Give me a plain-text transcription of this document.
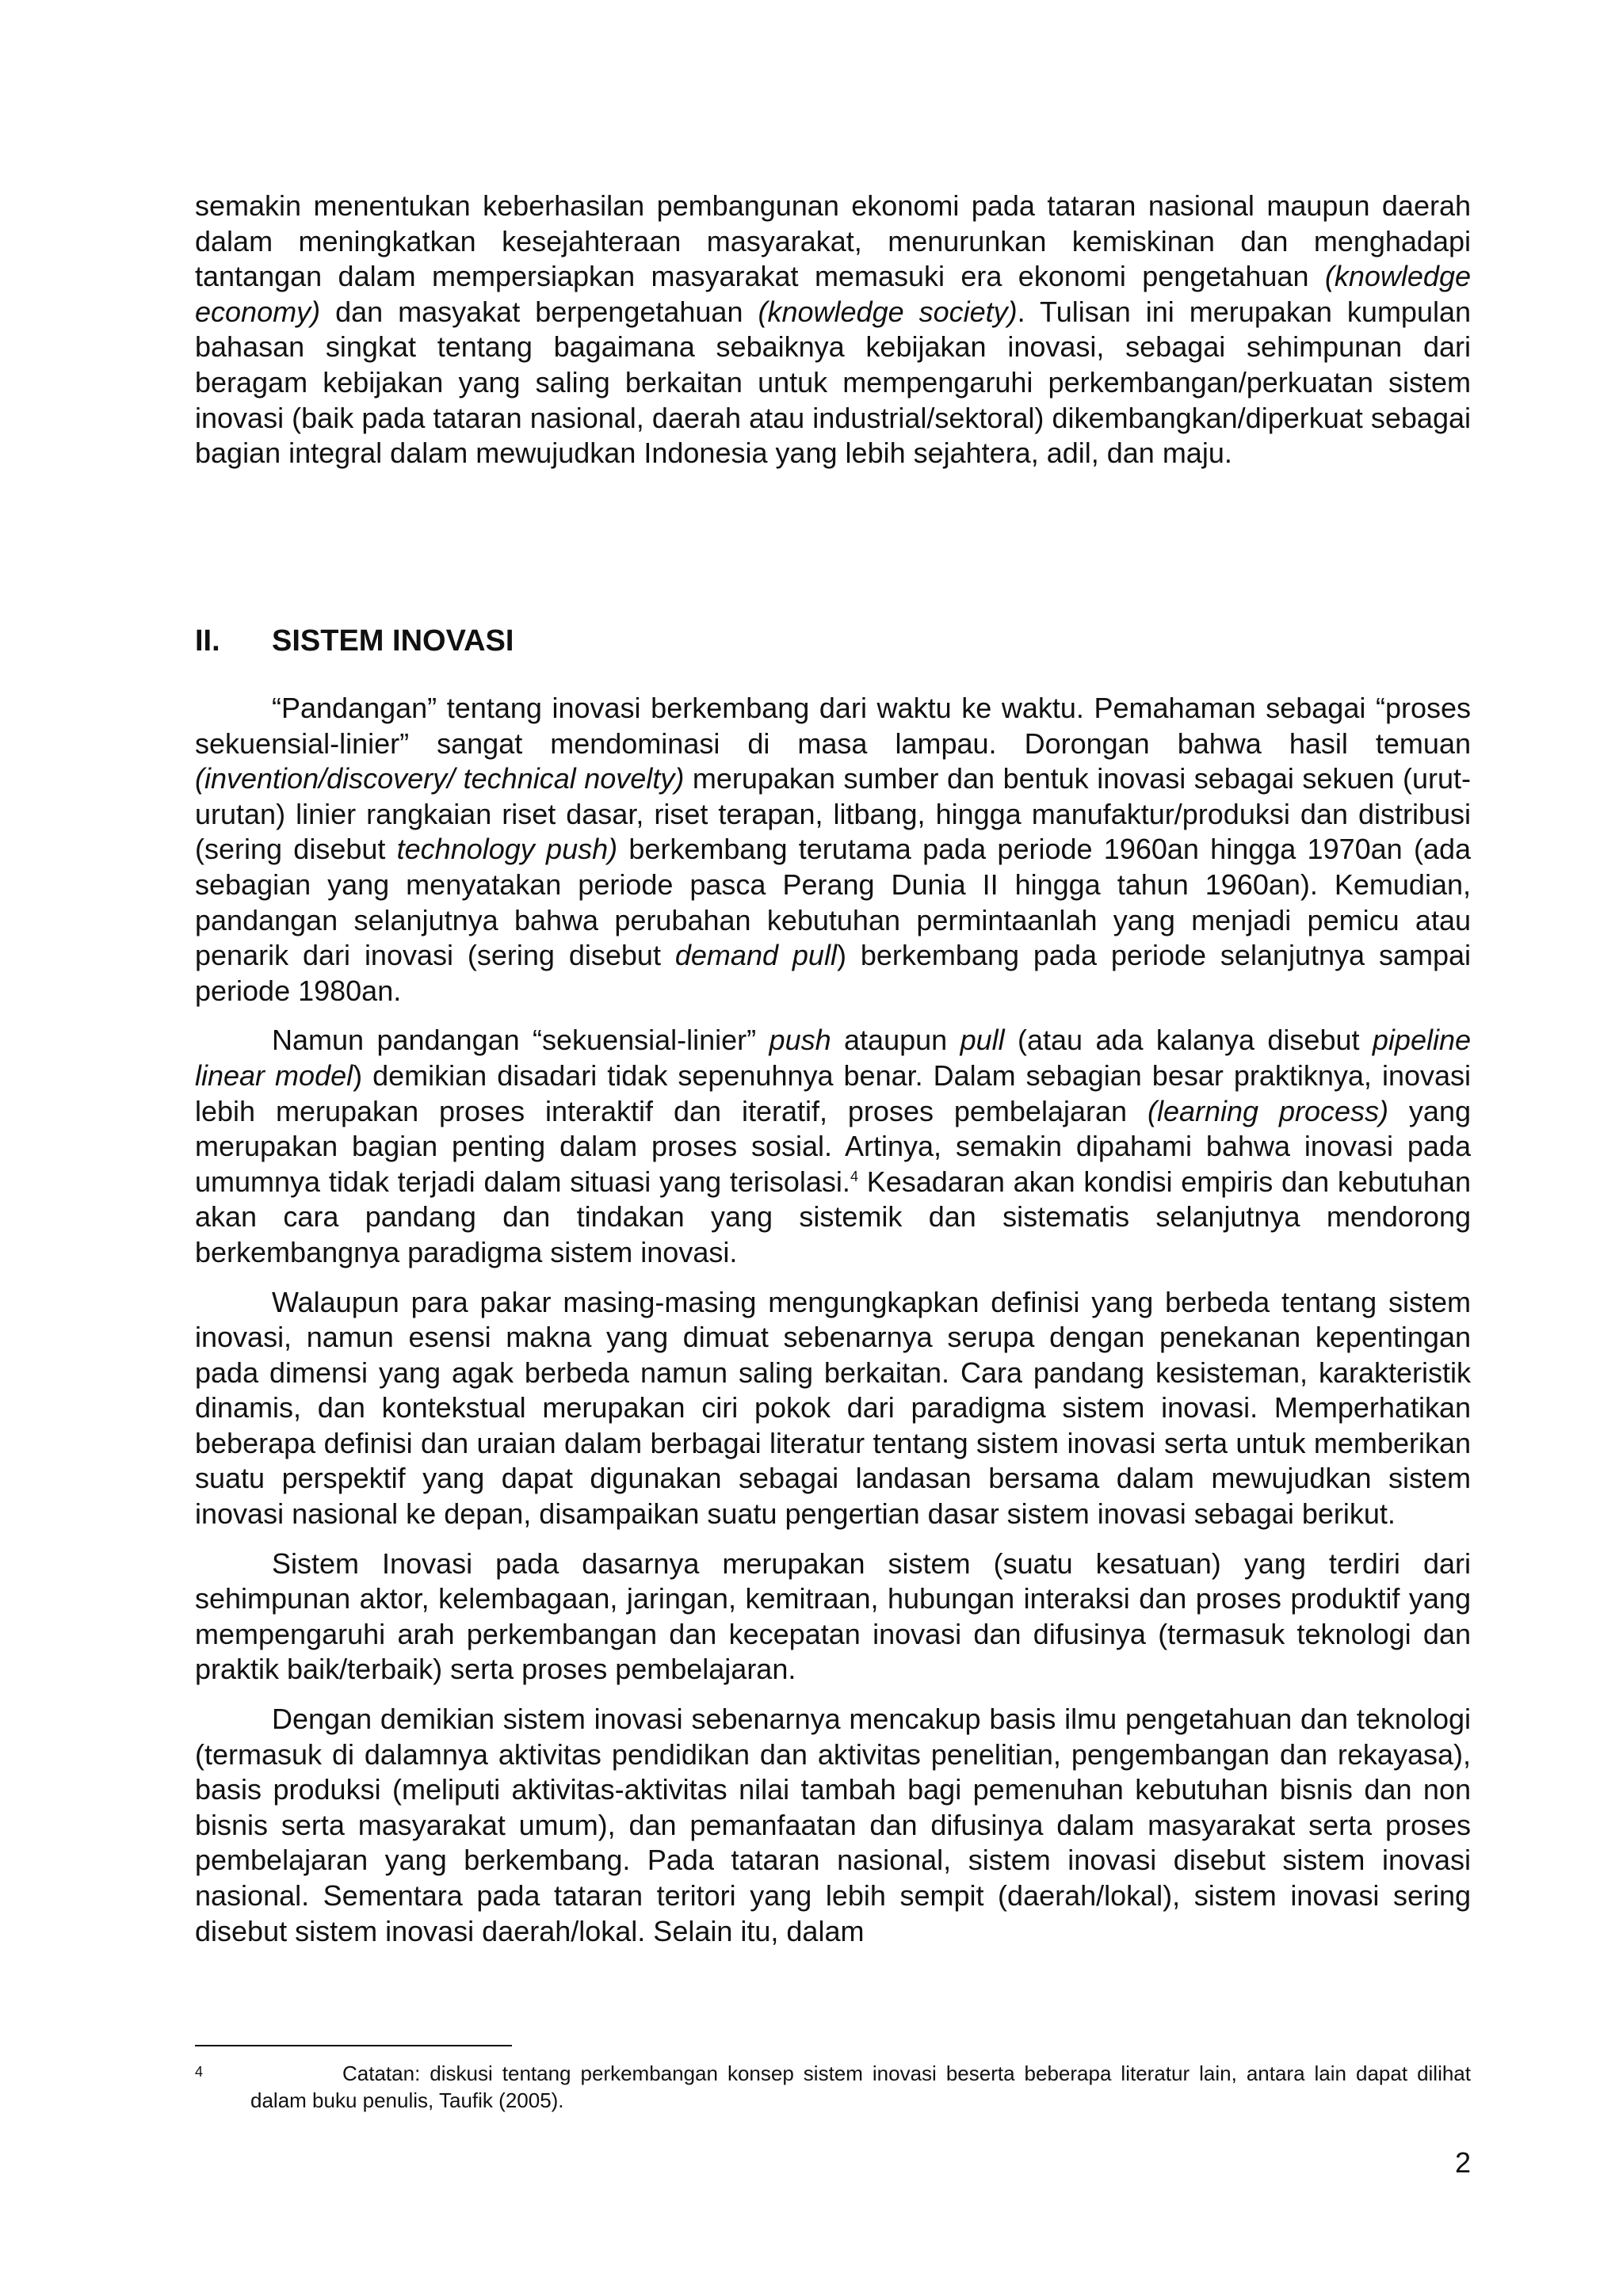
semakin menentukan keberhasilan pembangunan ekonomi pada tataran nasional maupun daerah dalam meningkatkan kesejahteraan masyarakat, menurunkan kemiskinan dan menghadapi tantangan dalam mempersiapkan masyarakat memasuki era ekonomi pengetahuan (knowledge economy) dan masyakat berpengetahuan (knowledge society). Tulisan ini merupakan kumpulan bahasan singkat tentang bagaimana sebaiknya kebijakan inovasi, sebagai sehimpunan dari beragam kebijakan yang saling berkaitan untuk mempengaruhi perkembangan/perkuatan sistem inovasi (baik pada tataran nasional, daerah atau industrial/sektoral) dikembangkan/diperkuat sebagai bagian integral dalam mewujudkan Indonesia yang lebih sejahtera, adil, dan maju.

II. SISTEM INOVASI

“Pandangan” tentang inovasi berkembang dari waktu ke waktu. Pemahaman sebagai “proses sekuensial-linier” sangat mendominasi di masa lampau. Dorongan bahwa hasil temuan (invention/discovery/ technical novelty) merupakan sumber dan bentuk inovasi sebagai sekuen (urut-urutan) linier rangkaian riset dasar, riset terapan, litbang, hingga manufaktur/produksi dan distribusi (sering disebut technology push) berkembang terutama pada periode 1960an hingga 1970an (ada sebagian yang menyatakan periode pasca Perang Dunia II hingga tahun 1960an). Kemudian, pandangan selanjutnya bahwa perubahan kebutuhan permintaanlah yang menjadi pemicu atau penarik dari inovasi (sering disebut demand pull) berkembang pada periode selanjutnya sampai periode 1980an.

Namun pandangan “sekuensial-linier” push ataupun pull (atau ada kalanya disebut pipeline linear model) demikian disadari tidak sepenuhnya benar. Dalam sebagian besar praktiknya, inovasi lebih merupakan proses interaktif dan iteratif, proses pembelajaran (learning process) yang merupakan bagian penting dalam proses sosial. Artinya, semakin dipahami bahwa inovasi pada umumnya tidak terjadi dalam situasi yang terisolasi.$^4$ Kesadaran akan kondisi empiris dan kebutuhan akan cara pandang dan tindakan yang sistemik dan sistematis selanjutnya mendorong berkembangnya paradigma sistem inovasi.

Walaupun para pakar masing-masing mengungkapkan definisi yang berbeda tentang sistem inovasi, namun esensi makna yang dimuat sebenarnya serupa dengan penekanan kepentingan pada dimensi yang agak berbeda namun saling berkaitan. Cara pandang kesisteman, karakteristik dinamis, dan kontekstual merupakan ciri pokok dari paradigma sistem inovasi. Memperhatikan beberapa definisi dan uraian dalam berbagai literatur tentang sistem inovasi serta untuk memberikan suatu perspektif yang dapat digunakan sebagai landasan bersama dalam mewujudkan sistem inovasi nasional ke depan, disampaikan suatu pengertian dasar sistem inovasi sebagai berikut.

Sistem Inovasi pada dasarnya merupakan sistem (suatu kesatuan) yang terdiri dari sehimpunan aktor, kelembagaan, jaringan, kemitraan, hubungan interaksi dan proses produktif yang mempengaruhi arah perkembangan dan kecepatan inovasi dan difusinya (termasuk teknologi dan praktik baik/terbaik) serta proses pembelajaran.

Dengan demikian sistem inovasi sebenarnya mencakup basis ilmu pengetahuan dan teknologi (termasuk di dalamnya aktivitas pendidikan dan aktivitas penelitian, pengembangan dan rekayasa), basis produksi (meliputi aktivitas-aktivitas nilai tambah bagi pemenuhan kebutuhan bisnis dan non bisnis serta masyarakat umum), dan pemanfaatan dan difusinya dalam masyarakat serta proses pembelajaran yang berkembang. Pada tataran nasional, sistem inovasi disebut sistem inovasi nasional. Sementara pada tataran teritori yang lebih sempit (daerah/lokal), sistem inovasi sering disebut sistem inovasi daerah/lokal. Selain itu, dalam

4	Catatan: diskusi tentang perkembangan konsep sistem inovasi beserta beberapa literatur lain, antara lain dapat dilihat dalam buku penulis, Taufik (2005).
2
